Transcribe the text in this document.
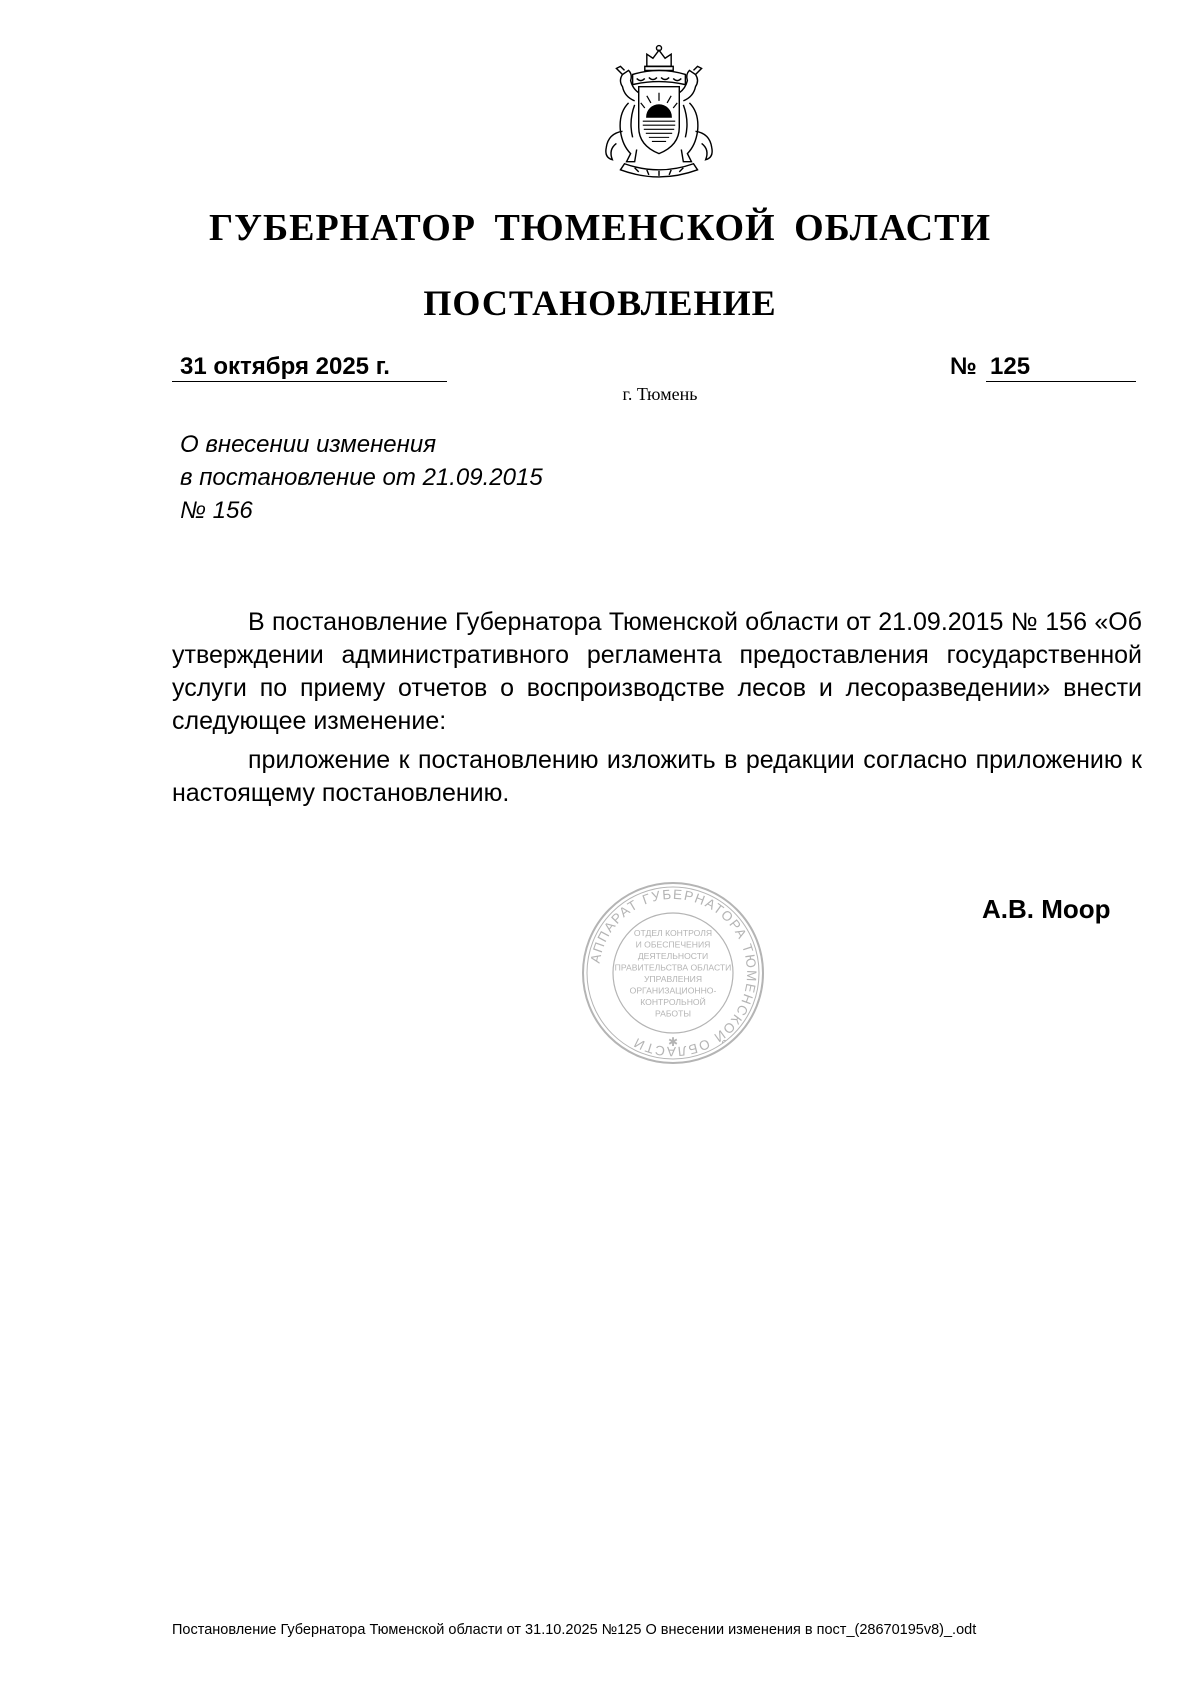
ГУБЕРНАТОР ТЮМЕНСКОЙ ОБЛАСТИ
ПОСТАНОВЛЕНИЕ
31 октября 2025 г.	№ 125
г. Тюмень
О внесении изменения
в постановление от 21.09.2015
№ 156

В постановление Губернатора Тюменской области от 21.09.2015 № 156 «Об утверждении административного регламента предоставления государственной услуги по приему отчетов о воспроизводстве лесов и лесоразведении» внести следующее изменение:

приложение к постановлению изложить в редакции согласно приложению к настоящему постановлению.

АППАРАТ ГУБЕРНАТОРА ТЮМЕНСКОЙ ОБЛАСТИ	✱
ОТДЕЛ КОНТРОЛЯ
И ОБЕСПЕЧЕНИЯ
ДЕЯТЕЛЬНОСТИ
ПРАВИТЕЛЬСТВА ОБЛАСТИ
УПРАВЛЕНИЯ
ОРГАНИЗАЦИОННО-
КОНТРОЛЬНОЙ
РАБОТЫ
А.В. Моор
Постановление Губернатора Тюменской области от 31.10.2025 №125 О внесении изменения в пост_(28670195v8)_.odt
